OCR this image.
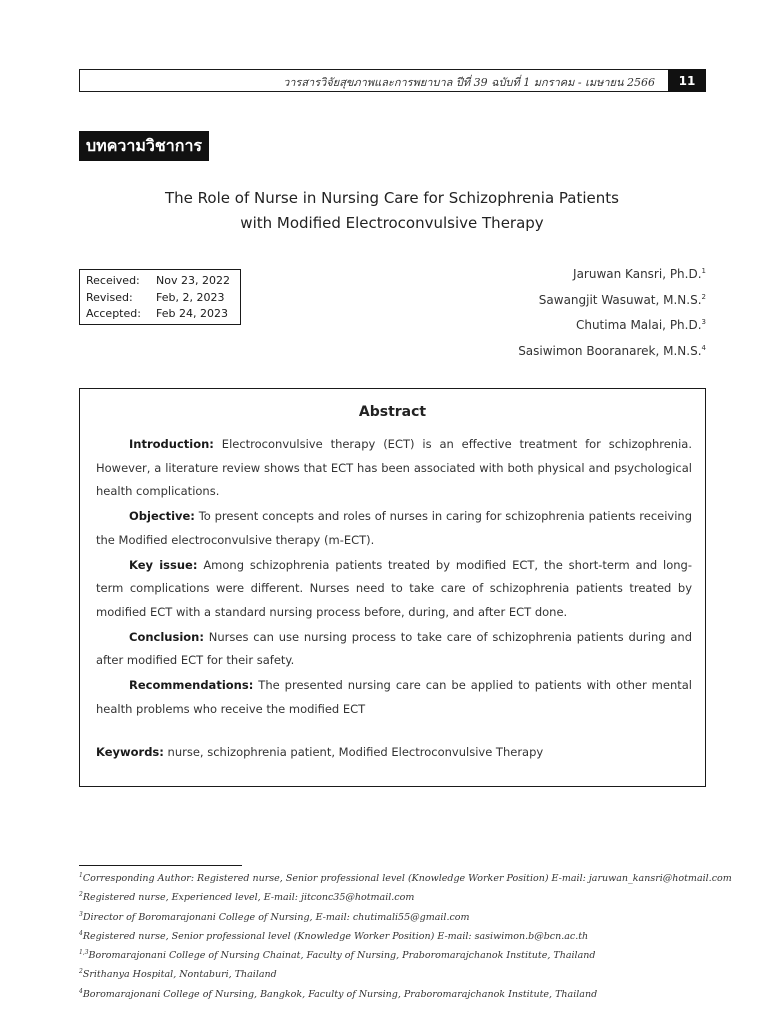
วารสารวิจัยสุขภาพและการพยาบาล ปีที่ 39 ฉบับที่ 1 มกราคม - เมษายน 2566	11
บทความวิชาการ
The Role of Nurse in Nursing Care for Schizophrenia Patients
with Modified Electroconvulsive Therapy
Received:	Nov 23, 2022
Revised:	Feb, 2, 2023
Accepted:	Feb 24, 2023
Jaruwan Kansri, Ph.D.$^1$
Sawangjit Wasuwat, M.N.S.$^2$
Chutima Malai, Ph.D.$^3$
Sasiwimon Booranarek, M.N.S.$^4$
Abstract

Introduction: Electroconvulsive therapy (ECT) is an effective treatment for schizophrenia. However, a literature review shows that ECT has been associated with both physical and psychological health complications.

Objective: To present concepts and roles of nurses in caring for schizophrenia patients receiving the Modified electroconvulsive therapy (m-ECT).

Key issue: Among schizophrenia patients treated by modified ECT, the short-term and long-term complications were different. Nurses need to take care of schizophrenia patients treated by modified ECT with a standard nursing process before, during, and after ECT done.

Conclusion: Nurses can use nursing process to take care of schizophrenia patients during and after modified ECT for their safety.

Recommendations: The presented nursing care can be applied to patients with other mental health problems who receive the modified ECT

Keywords: nurse, schizophrenia patient, Modified Electroconvulsive Therapy
$^1$Corresponding Author: Registered nurse, Senior professional level (Knowledge Worker Position) E-mail: jaruwan_kansri@hotmail.com
$^2$Registered nurse, Experienced level, E-mail: jitconc35@hotmail.com
$^3$Director of Boromarajonani College of Nursing, E-mail: chutimali55@gmail.com
$^4$Registered nurse, Senior professional level (Knowledge Worker Position) E-mail: sasiwimon.b@bcn.ac.th
$^{1,3}$Boromarajonani College of Nursing Chainat, Faculty of Nursing, Praboromarajchanok Institute, Thailand
$^2$Srithanya Hospital, Nontaburi, Thailand
$^4$Boromarajonani College of Nursing, Bangkok, Faculty of Nursing, Praboromarajchanok Institute, Thailand
